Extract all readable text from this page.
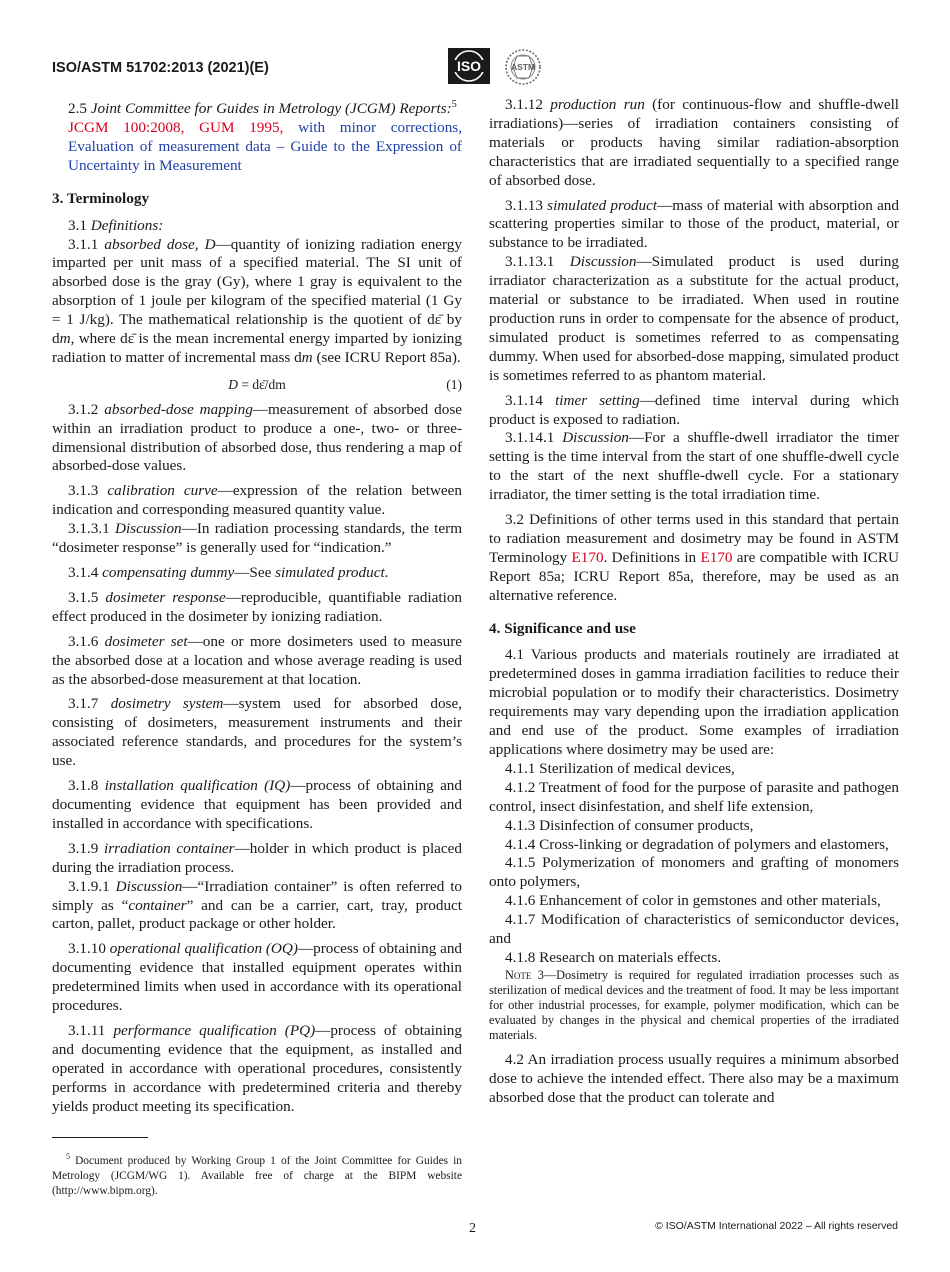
ISO/ASTM 51702:2013 (2021)(E)	ISO	ASTM

2.5 Joint Committee for Guides in Metrology (JCGM) Reports:$^5$

JCGM 100:2008, GUM 1995, with minor corrections, Evaluation of measurement data – Guide to the Expression of Uncertainty in Measurement

3. Terminology

3.1 Definitions:

3.1.1 absorbed dose, D—quantity of ionizing radiation energy imparted per unit mass of a specified material. The SI unit of absorbed dose is the gray (Gy), where 1 gray is equivalent to the absorption of 1 joule per kilogram of the specified material (1 Gy = 1 J/kg). The mathematical relationship is the quotient of dε̄ by dm, where dε̄ is the mean incremental energy imparted by ionizing radiation to matter of incremental mass dm (see ICRU Report 85a).

D = dε̄/dm	(1)

3.1.2 absorbed-dose mapping—measurement of absorbed dose within an irradiation product to produce a one-, two- or three-dimensional distribution of absorbed dose, thus rendering a map of absorbed-dose values.

3.1.3 calibration curve—expression of the relation between indication and corresponding measured quantity value.

3.1.3.1 Discussion—In radiation processing standards, the term “dosimeter response” is generally used for “indication.”

3.1.4 compensating dummy—See simulated product.

3.1.5 dosimeter response—reproducible, quantifiable radiation effect produced in the dosimeter by ionizing radiation.

3.1.6 dosimeter set—one or more dosimeters used to measure the absorbed dose at a location and whose average reading is used as the absorbed-dose measurement at that location.

3.1.7 dosimetry system—system used for absorbed dose, consisting of dosimeters, measurement instruments and their associated reference standards, and procedures for the system’s use.

3.1.8 installation qualification (IQ)—process of obtaining and documenting evidence that equipment has been provided and installed in accordance with specifications.

3.1.9 irradiation container—holder in which product is placed during the irradiation process.

3.1.9.1 Discussion—“Irradiation container” is often referred to simply as “container” and can be a carrier, cart, tray, product carton, pallet, product package or other holder.

3.1.10 operational qualification (OQ)—process of obtaining and documenting evidence that installed equipment operates within predetermined limits when used in accordance with its operational procedures.

3.1.11 performance qualification (PQ)—process of obtaining and documenting evidence that the equipment, as installed and operated in accordance with operational procedures, consistently performs in accordance with predetermined criteria and thereby yields product meeting its specification.

3.1.12 production run (for continuous-flow and shuffle-dwell irradiations)—series of irradiation containers consisting of materials or products having similar radiation-absorption characteristics that are irradiated sequentially to a specified range of absorbed dose.

3.1.13 simulated product—mass of material with absorption and scattering properties similar to those of the product, material, or substance to be irradiated.

3.1.13.1 Discussion—Simulated product is used during irradiator characterization as a substitute for the actual product, material or substance to be irradiated. When used in routine production runs in order to compensate for the absence of product, simulated product is sometimes referred to as compensating dummy. When used for absorbed-dose mapping, simulated product is sometimes referred to as phantom material.

3.1.14 timer setting—defined time interval during which product is exposed to radiation.

3.1.14.1 Discussion—For a shuffle-dwell irradiator the timer setting is the time interval from the start of one shuffle-dwell cycle to the start of the next shuffle-dwell cycle. For a stationary irradiator, the timer setting is the total irradiation time.

3.2 Definitions of other terms used in this standard that pertain to radiation measurement and dosimetry may be found in ASTM Terminology E170. Definitions in E170 are compatible with ICRU Report 85a; ICRU Report 85a, therefore, may be used as an alternative reference.

4. Significance and use

4.1 Various products and materials routinely are irradiated at predetermined doses in gamma irradiation facilities to reduce their microbial population or to modify their characteristics. Dosimetry requirements may vary depending upon the irradiation application and end use of the product. Some examples of irradiation applications where dosimetry may be used are:

4.1.1 Sterilization of medical devices,

4.1.2 Treatment of food for the purpose of parasite and pathogen control, insect disinfestation, and shelf life extension,

4.1.3 Disinfection of consumer products,

4.1.4 Cross-linking or degradation of polymers and elastomers,

4.1.5 Polymerization of monomers and grafting of monomers onto polymers,

4.1.6 Enhancement of color in gemstones and other materials,

4.1.7 Modification of characteristics of semiconductor devices, and

4.1.8 Research on materials effects.

Note 3—Dosimetry is required for regulated irradiation processes such as sterilization of medical devices and the treatment of food. It may be less important for other industrial processes, for example, polymer modification, which can be evaluated by changes in the physical and chemical properties of the irradiated materials.

4.2 An irradiation process usually requires a minimum absorbed dose to achieve the intended effect. There also may be a maximum absorbed dose that the product can tolerate and

$^5$ Document produced by Working Group 1 of the Joint Committee for Guides in Metrology (JCGM/WG 1). Available free of charge at the BIPM website (http://www.bipm.org).
2	© ISO/ASTM International 2022 – All rights reserved
